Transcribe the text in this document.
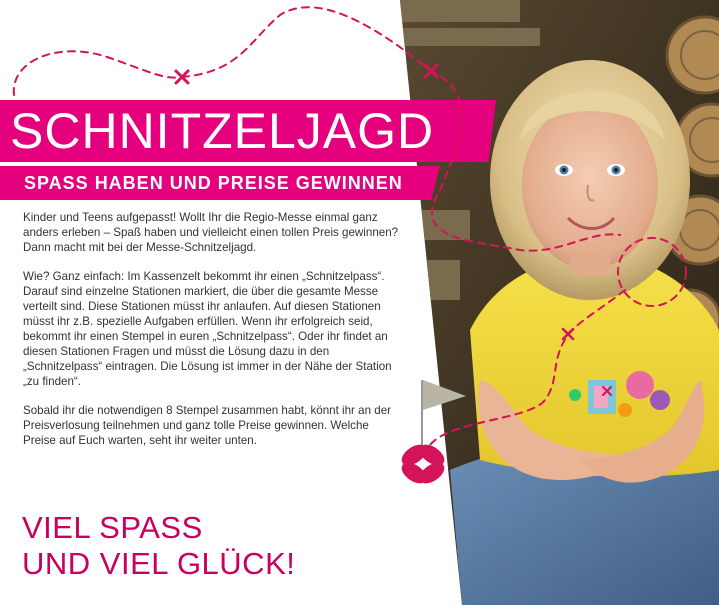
SCHNITZELJAGD
SPASS HABEN UND PREISE GEWINNEN

Kinder und Teens aufgepasst! Wollt Ihr die Regio-Messe einmal ganz anders erleben – Spaß haben und vielleicht einen tollen Preis gewinnen? Dann macht mit bei der Messe-Schnitzeljagd.

Wie? Ganz einfach: Im Kassenzelt bekommt ihr einen „Schnitzelpass“. Darauf sind einzelne Stationen markiert, die über die gesamte Messe verteilt sind. Diese Stationen müsst ihr anlaufen. Auf diesen Stationen müsst ihr z.B. spezielle Aufgaben erfüllen. Wenn ihr erfolgreich seid, bekommt ihr einen Stempel in euren „Schnitzelpass“. Oder ihr findet an diesen Stationen Fragen und müsst die Lösung dazu in den „Schnitzelpass“ eintragen. Die Lösung ist immer in der Nähe der Station „zu finden“.

Sobald ihr die notwendigen 8 Stempel zusammen habt, könnt ihr an der Preisverlosung teilnehmen und ganz tolle Preise gewinnen. Welche Preise auf Euch warten, seht ihr weiter unten.

VIEL SPASS
UND VIEL GLÜCK!
